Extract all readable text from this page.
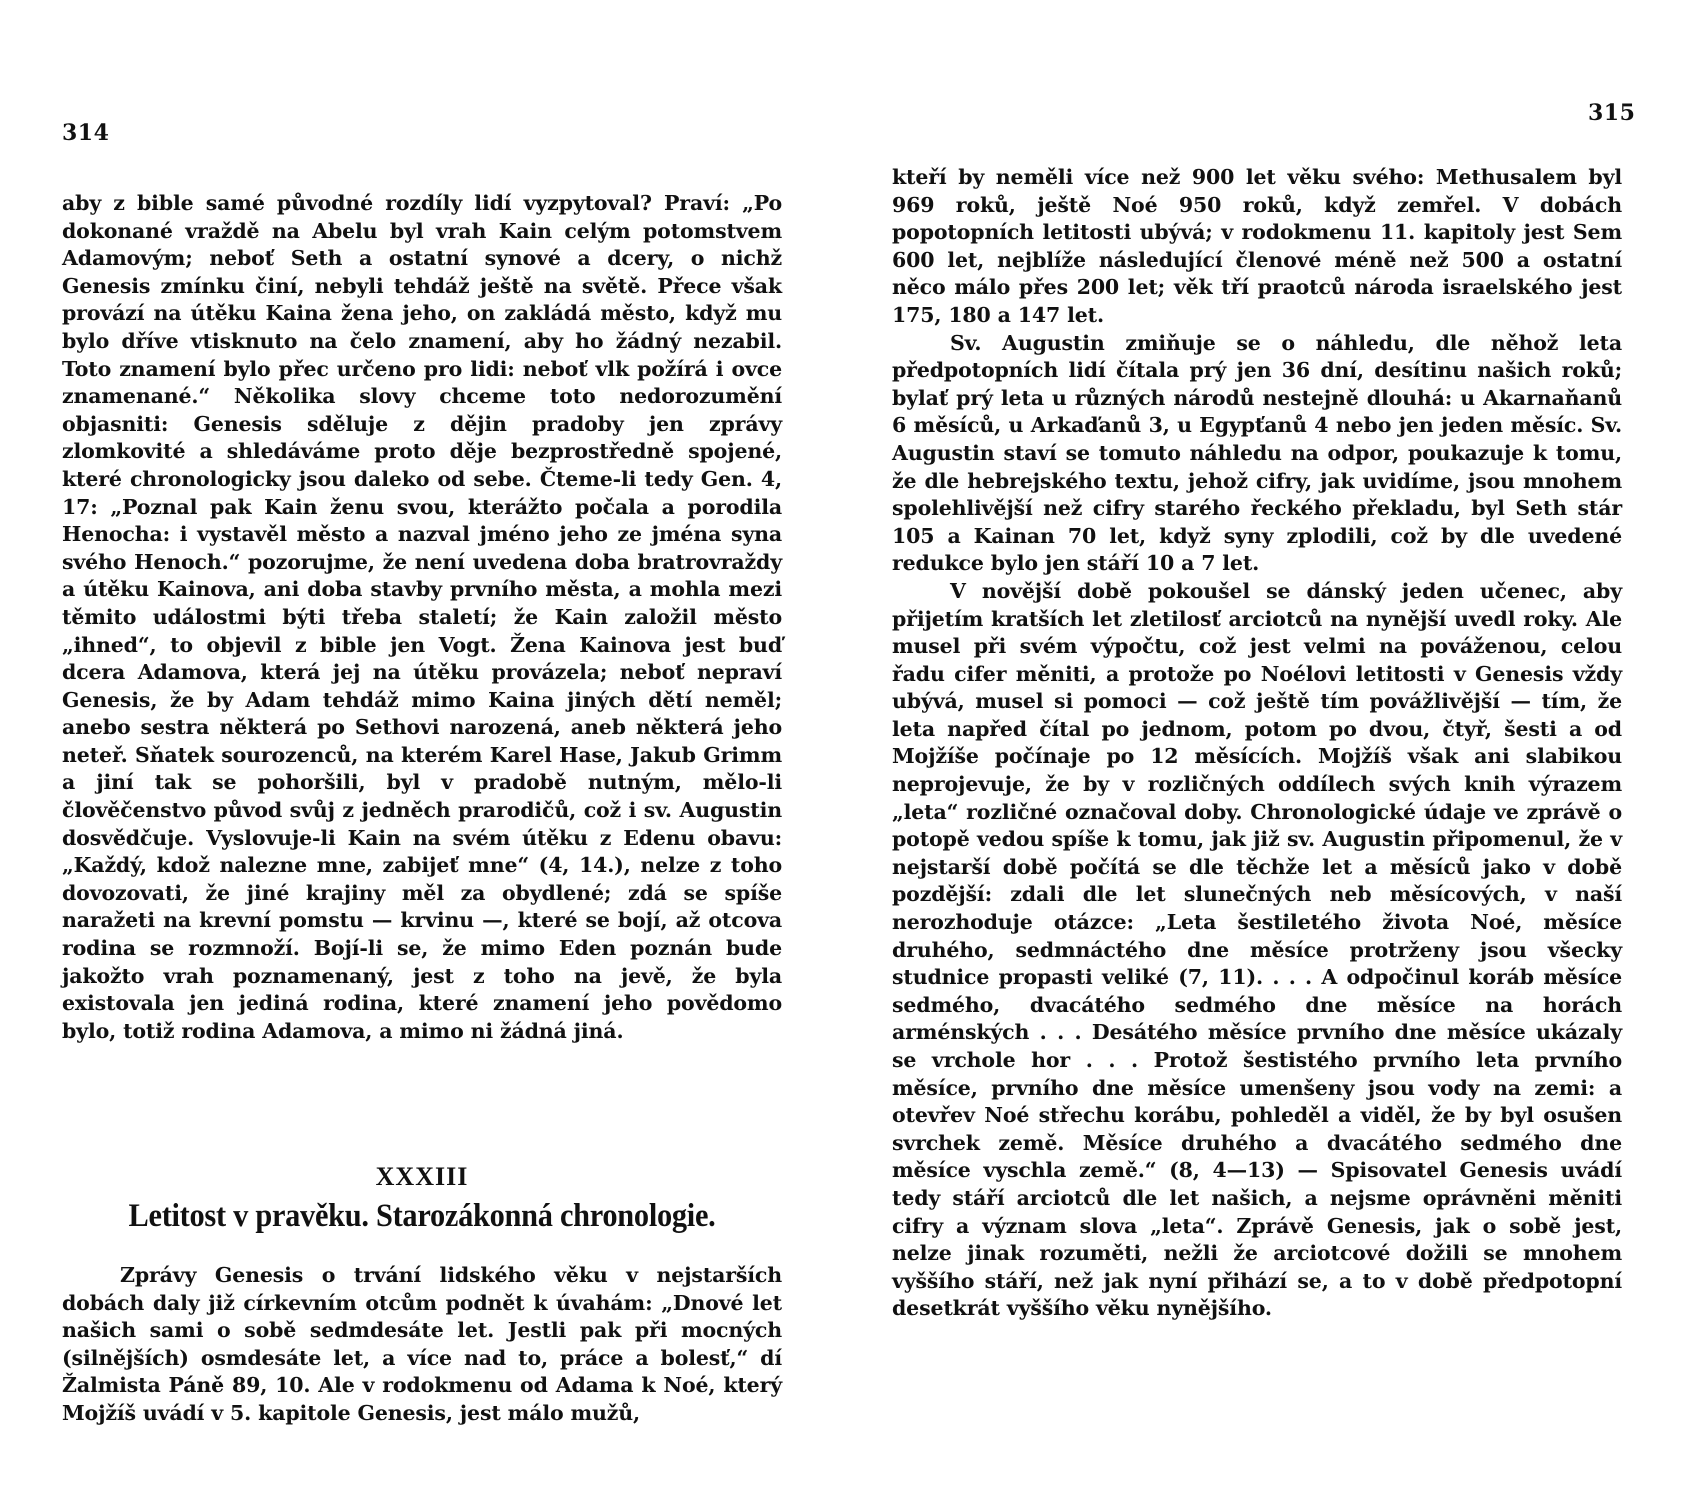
314

aby z bible samé původné rozdíly lidí vyzpytoval? Praví: „Po dokonané vraždě na Abelu byl vrah Kain celým potomstvem Adamovým; neboť Seth a ostatní synové a dcery, o nichž Genesis zmínku činí, nebyli tehdáž ještě na světě. Přece však provází na útěku Kaina žena jeho, on zakládá město, když mu bylo dříve vtisknuto na čelo znamení, aby ho žádný nezabil. Toto znamení bylo přec určeno pro lidi: neboť vlk požírá i ovce znamenané.“ Několika slovy chceme toto nedorozumění objasniti: Genesis sděluje z dějin pradoby jen zprávy zlomkovité a shledáváme proto děje bezprostředně spojené, které chronologicky jsou daleko od sebe. Čteme-li tedy Gen. 4, 17: „Poznal pak Kain ženu svou, kterážto počala a porodila Henocha: i vystavěl město a nazval jméno jeho ze jména syna svého Henoch.“ pozorujme, že není uvedena doba bratrovraždy a útěku Kainova, ani doba stavby prvního města, a mohla mezi těmito událostmi býti třeba staletí; že Kain založil město „ihned“, to objevil z bible jen Vogt. Žena Kainova jest buď dcera Adamova, která jej na útěku provázela; neboť nepraví Genesis, že by Adam tehdáž mimo Kaina jiných dětí neměl; anebo sestra některá po Sethovi narozená, aneb některá jeho neteř. Sňatek sourozenců, na kterém Karel Hase, Jakub Grimm a jiní tak se pohoršili, byl v pradobě nutným, mělo-li člověčenstvo původ svůj z jedněch prarodičů, což i sv. Augustin dosvědčuje. Vyslovuje-li Kain na svém útěku z Edenu obavu: „Každý, kdož nalezne mne, zabijeť mne“ (4, 14.), nelze z toho dovozovati, že jiné krajiny měl za obydlené; zdá se spíše naražeti na krevní pomstu — krvinu —, které se bojí, až otcova rodina se rozmnoží. Bojí-li se, že mimo Eden poznán bude jakožto vrah poznamenaný, jest z toho na jevě, že byla existovala jen jediná rodina, které znamení jeho povědomo bylo, totiž rodina Adamova, a mimo ni žádná jiná.

XXXIII
Letitost v pravěku. Starozákonná chronologie.

Zprávy Genesis o trvání lidského věku v nejstarších dobách daly již církevním otcům podnět k úvahám: „Dnové let našich sami o sobě sedmdesáte let. Jestli pak při mocných (silnějších) osmdesáte let, a více nad to, práce a bolesť,“ dí Žalmista Páně 89, 10. Ale v rodokmenu od Adama k Noé, který Mojžíš uvádí v 5. kapitole Genesis, jest málo mužů,

315

kteří by neměli více než 900 let věku svého: Methusalem byl 969 roků, ještě Noé 950 roků, když zemřel. V dobách popotopních letitosti ubývá; v rodokmenu 11. kapitoly jest Sem 600 let, nejblíže následující členové méně než 500 a ostatní něco málo přes 200 let; věk tří praotců národa israelského jest 175, 180 a 147 let.

Sv. Augustin zmiňuje se o náhledu, dle něhož leta předpotopních lidí čítala prý jen 36 dní, desítinu našich roků; bylať prý leta u různých národů nestejně dlouhá: u Akarnaňanů 6 měsíců, u Arkaďanů 3, u Egypťanů 4 nebo jen jeden měsíc. Sv. Augustin staví se tomuto náhledu na odpor, poukazuje k tomu, že dle hebrejského textu, jehož cifry, jak uvidíme, jsou mnohem spolehlivější než cifry starého řeckého překladu, byl Seth stár 105 a Kainan 70 let, když syny zplodili, což by dle uvedené redukce bylo jen stáří 10 a 7 let.

V novější době pokoušel se dánský jeden učenec, aby přijetím kratších let zletilosť arciotců na nynější uvedl roky. Ale musel při svém výpočtu, což jest velmi na pováženou, celou řadu cifer měniti, a protože po Noélovi letitosti v Genesis vždy ubývá, musel si pomoci — což ještě tím povážlivější — tím, že leta napřed čítal po jednom, potom po dvou, čtyř, šesti a od Mojžíše počínaje po 12 měsících. Mojžíš však ani slabikou neprojevuje, že by v rozličných oddílech svých knih výrazem „leta“ rozličné označoval doby. Chronologické údaje ve zprávě o potopě vedou spíše k tomu, jak již sv. Augustin připomenul, že v nejstarší době počítá se dle těchže let a měsíců jako v době pozdější: zdali dle let slunečných neb měsícových, v naší nerozhoduje otázce: „Leta šestiletého života Noé, měsíce druhého, sedmnáctého dne měsíce protrženy jsou všecky studnice propasti veliké (7, 11). . . . A odpočinul koráb měsíce sedmého, dvacátého sedmého dne měsíce na horách arménských . . . Desátého měsíce prvního dne měsíce ukázaly se vrchole hor . . . Protož šestistého prvního leta prvního měsíce, prvního dne měsíce umenšeny jsou vody na zemi: a otevřev Noé střechu korábu, pohleděl a viděl, že by byl osušen svrchek země. Měsíce druhého a dvacátého sedmého dne měsíce vyschla země.“ (8, 4—13) — Spisovatel Genesis uvádí tedy stáří arciotců dle let našich, a nejsme oprávněni měniti cifry a význam slova „leta“. Zprávě Genesis, jak o sobě jest, nelze jinak rozuměti, nežli že arciotcové dožili se mnohem vyššího stáří, než jak nyní přihází se, a to v době předpotopní desetkrát vyššího věku nynějšího.
